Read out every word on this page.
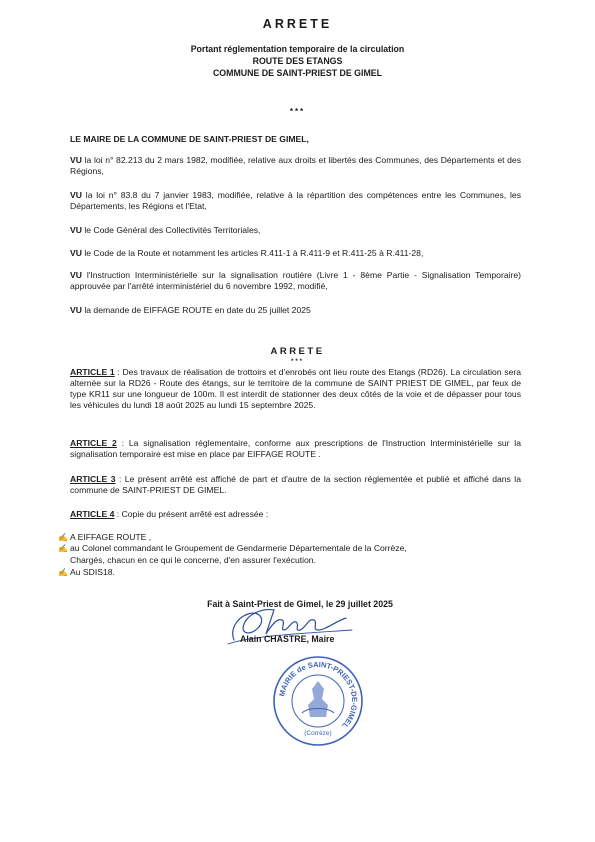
ARRETE
Portant réglementation temporaire de la circulation
ROUTE DES ETANGS
COMMUNE DE SAINT-PRIEST DE GIMEL
***
LE MAIRE DE LA COMMUNE DE SAINT-PRIEST DE GIMEL,
VU la loi n° 82.213 du 2 mars 1982, modifiée, relative aux droits et libertés des Communes, des Départements et des Régions,
VU la loi n° 83.8 du 7 janvier 1983, modifiée, relative à la répartition des compétences entre les Communes, les Départements, les Régions et l'Etat,
VU le Code Général des Collectivités Territoriales,
VU le Code de la Route et notamment les articles R.411-1 à R.411-9 et R.411-25 à R.411-28,
VU l'Instruction Interministérielle sur la signalisation routière (Livre 1 - 8ème Partie - Signalisation Temporaire) approuvée par l'arrêté interministériel du 6 novembre 1992, modifié,
VU la demande de EIFFAGE ROUTE en date du 25 juillet 2025
ARRETE
***
ARTICLE 1 : Des travaux de réalisation de trottoirs et d'enrobés ont lieu route des Etangs (RD26). La circulation sera alternée sur la RD26 - Route des étangs, sur le territoire de la commune de SAINT PRIEST DE GIMEL, par feux de type KR11 sur une longueur de 100m. Il est interdit de stationner des deux côtés de la voie et de dépasser pour tous les véhicules du lundi 18 août 2025 au lundi 15 septembre 2025.
ARTICLE 2 : La signalisation réglementaire, conforme aux prescriptions de l'Instruction Interministérielle sur la signalisation temporaire est mise en place par EIFFAGE ROUTE .
ARTICLE 3 : Le présent arrêté est affiché de part et d'autre de la section réglementée et publié et affiché dans la commune de SAINT-PRIEST DE GIMEL.
ARTICLE 4 : Copie du présent arrêté est adressée :
✍ A EIFFAGE ROUTE ,
✍ au Colonel commandant le Groupement de Gendarmerie Départementale de la Corrèze,
Chargés, chacun en ce qui le concerne, d'en assurer l'exécution.
✍ Au SDIS18.
Fait à Saint-Priest de Gimel, le 29 juillet 2025
Alain CHASTRE, Maire
MAIRIE de SAINT-PRIEST-DE-GIMEL
(Corrèze)
